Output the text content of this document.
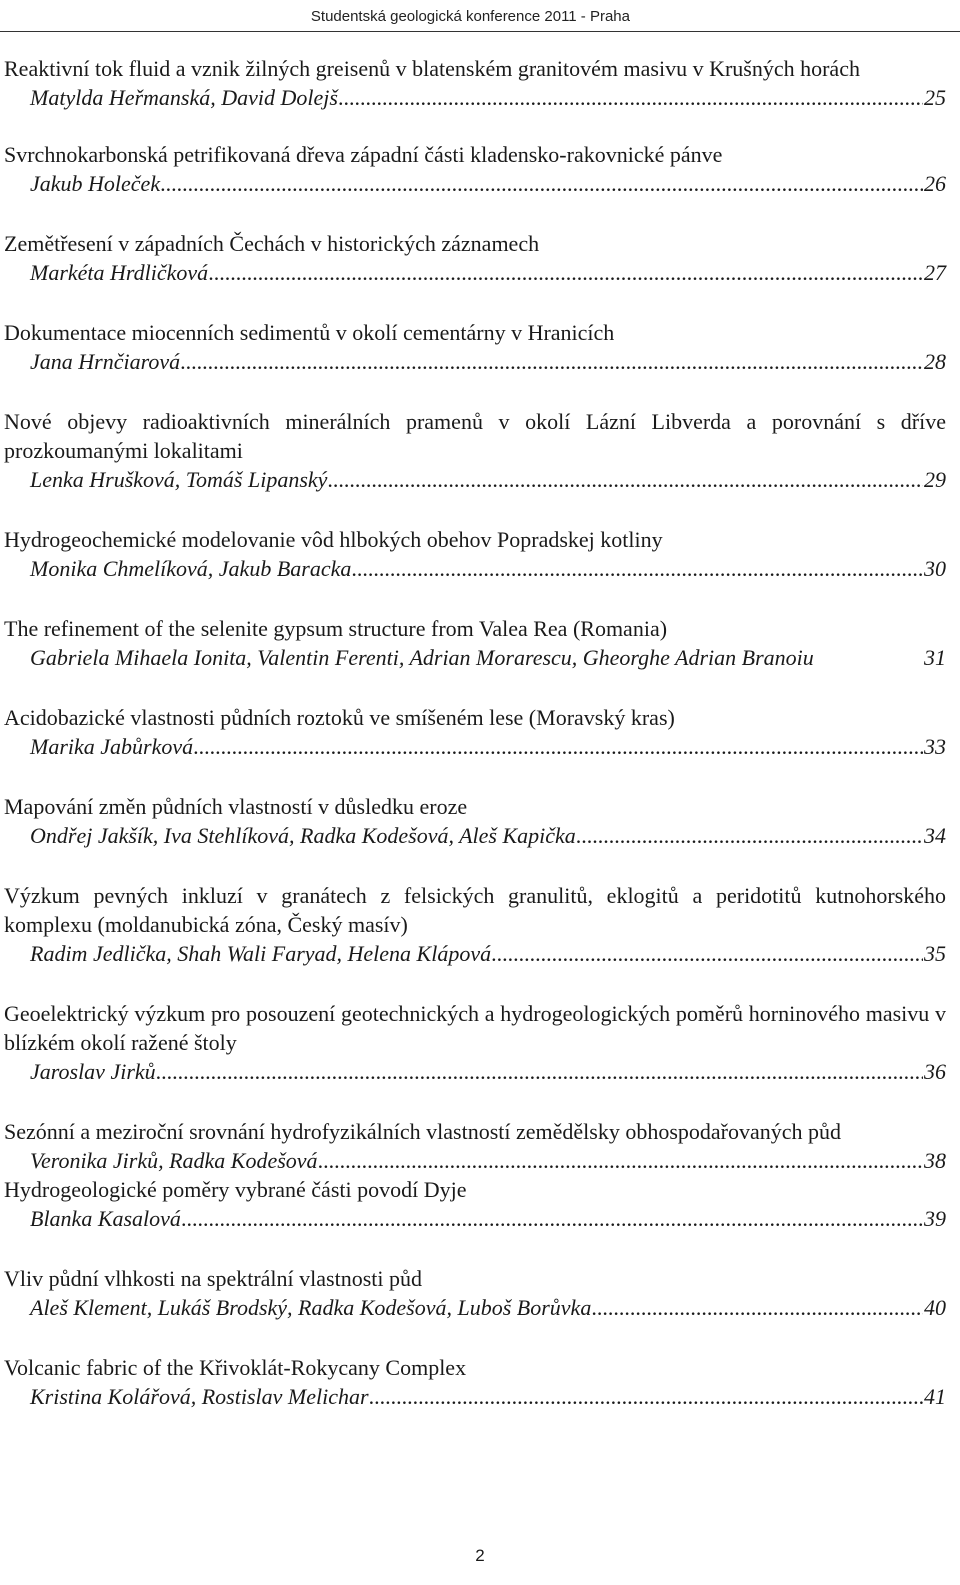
Studentská geologická konference 2011 - Praha
Reaktivní tok fluid a vznik žilných greisenů v blatenském granitovém masivu v Krušných horách
Matylda Heřmanská, David Dolejš .....	25
Svrchnokarbonská petrifikovaná dřeva západní části kladensko-rakovnické pánve
Jakub Holeček .....	26
Zemětřesení v západních Čechách v historických záznamech
Markéta Hrdličková .....	27
Dokumentace miocenních sedimentů v okolí cementárny v Hranicích
Jana Hrnčiarová .....	28
Nové objevy radioaktivních minerálních pramenů v okolí Lázní Libverda a porovnání s dříve prozkoumanými lokalitami
Lenka Hrušková, Tomáš Lipanský .....	29
Hydrogeochemické modelovanie vôd hlbokých obehov Popradskej kotliny
Monika Chmelíková, Jakub Baracka .....	30
The refinement of the selenite gypsum structure from Valea Rea (Romania)
Gabriela Mihaela Ionita, Valentin Ferenti, Adrian Morarescu, Gheorghe Adrian Branoiu	31
Acidobazické vlastnosti půdních roztoků ve smíšeném lese (Moravský kras)
Marika Jabůrková .....	33
Mapování změn půdních vlastností v důsledku eroze
Ondřej Jakšík, Iva Stehlíková, Radka Kodešová, Aleš Kapička .....	34
Výzkum pevných inkluzí v granátech z felsických granulitů, eklogitů a peridotitů kutnohorského komplexu (moldanubická zóna, Český masív)
Radim Jedlička, Shah Wali Faryad, Helena Klápová .....	35
Geoelektrický výzkum pro posouzení geotechnických a hydrogeologických poměrů horninového masivu v blízkém okolí ražené štoly
Jaroslav Jirků .....	36
Sezónní a meziroční srovnání hydrofyzikálních vlastností zemědělsky obhospodařovaných půd
Veronika Jirků, Radka Kodešová .....	38
Hydrogeologické poměry vybrané části povodí Dyje
Blanka Kasalová .....	39
Vliv půdní vlhkosti na spektrální vlastnosti půd
Aleš Klement, Lukáš Brodský, Radka Kodešová, Luboš Borůvka .....	40
Volcanic fabric of the Křivoklát-Rokycany Complex
Kristina Kolářová, Rostislav Melichar .....	41
2
